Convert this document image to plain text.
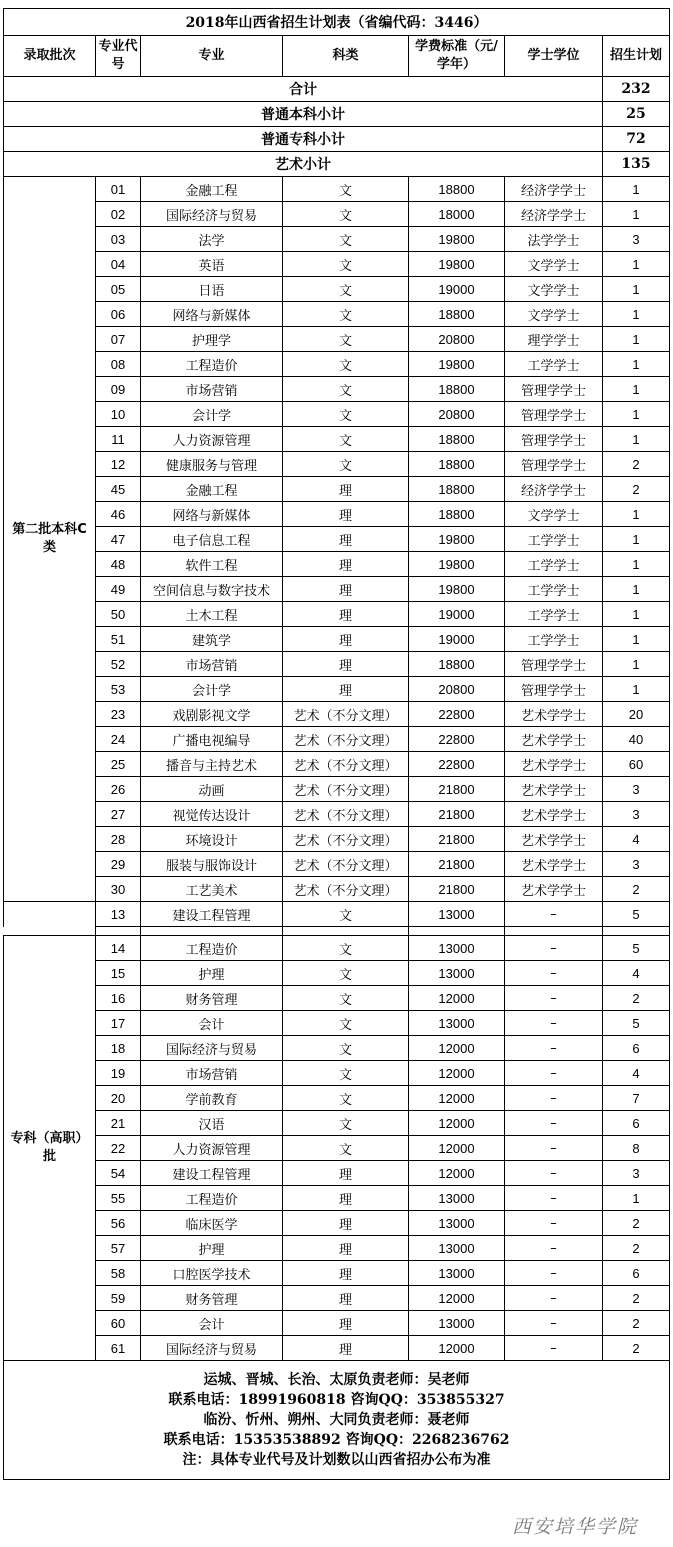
2018年山西省招生计划表（省编代码：3446）						
录取批次	专业代号	专业	科类	学费标准（元/学年）	学士学位	招生计划
合计						232
普通本科小计						25
普通专科小计						72
艺术小计						135
第二批本科C类	01	金融工程	文	18800	经济学学士	1
	02	国际经济与贸易	文	18000	经济学学士	1
	03	法学	文	19800	法学学士	3
	04	英语	文	19800	文学学士	1
	05	日语	文	19000	文学学士	1
	06	网络与新媒体	文	18800	文学学士	1
	07	护理学	文	20800	理学学士	1
	08	工程造价	文	19800	工学学士	1
	09	市场营销	文	18800	管理学学士	1
	10	会计学	文	20800	管理学学士	1
	11	人力资源管理	文	18800	管理学学士	1
	12	健康服务与管理	文	18800	管理学学士	2
	45	金融工程	理	18800	经济学学士	2
	46	网络与新媒体	理	18800	文学学士	1
	47	电子信息工程	理	19800	工学学士	1
	48	软件工程	理	19800	工学学士	1
	49	空间信息与数字技术	理	19800	工学学士	1
	50	土木工程	理	19000	工学学士	1
	51	建筑学	理	19000	工学学士	1
	52	市场营销	理	18800	管理学学士	1
	53	会计学	理	20800	管理学学士	1
	23	戏剧影视文学	艺术（不分文理）	22800	艺术学学士	20
	24	广播电视编导	艺术（不分文理）	22800	艺术学学士	40
	25	播音与主持艺术	艺术（不分文理）	22800	艺术学学士	60
	26	动画	艺术（不分文理）	21800	艺术学学士	3
	27	视觉传达设计	艺术（不分文理）	21800	艺术学学士	3
	28	环境设计	艺术（不分文理）	21800	艺术学学士	4
	29	服装与服饰设计	艺术（不分文理）	21800	艺术学学士	3
	30	工艺美术	艺术（不分文理）	21800	艺术学学士	2
	13	建设工程管理	文	13000	–	5

专科（高职）批	14	工程造价	文	13000	–	5
	15	护理	文	13000	–	4
	16	财务管理	文	12000	–	2
	17	会计	文	13000	–	5
	18	国际经济与贸易	文	12000	–	6
	19	市场营销	文	12000	–	4
	20	学前教育	文	12000	–	7
	21	汉语	文	12000	–	6
	22	人力资源管理	文	12000	–	8
	54	建设工程管理	理	12000	–	3
	55	工程造价	理	13000	–	1
	56	临床医学	理	13000	–	2
	57	护理	理	13000	–	2
	58	口腔医学技术	理	13000	–	6
	59	财务管理	理	12000	–	2
	60	会计	理	13000	–	2
	61	国际经济与贸易	理	12000	–	2

运城、晋城、长治、太原负责老师：吴老师
联系电话：18991960818 咨询QQ：353855327
临汾、忻州、朔州、大同负责老师：聂老师
联系电话：15353538892 咨询QQ：2268236762
注：具体专业代号及计划数以山西省招办公布为准						
西安培华学院
